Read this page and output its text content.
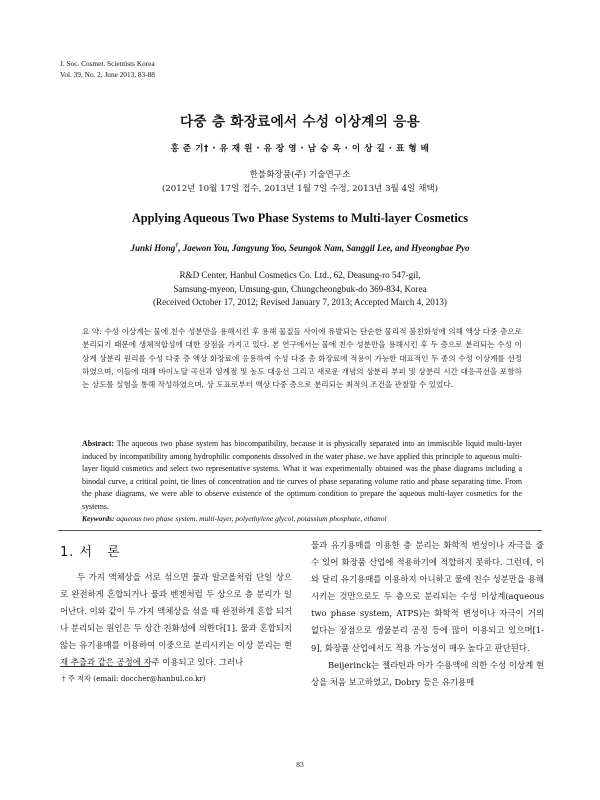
J. Soc. Cosmet. Scientists Korea
Vol. 39, No. 2, June 2013, 83-88
다중 층 화장료에서 수성 이상계의 응용
홍 준 기† · 유 재 원 · 유 장 영 · 남 승 옥 · 이 상 길 · 표 형 배
한불화장품(주) 기술연구소
(2012년 10월 17일 접수, 2013년 1월 7일 수정, 2013년 3월 4일 채택)
Applying Aqueous Two Phase Systems to Multi-layer Cosmetics
Junki Hong†, Jaewon You, Jangyung Yoo, Seungok Nam, Sanggil Lee, and Hyeongbae Pyo
R&D Center, Hanbul Cosmetics Co. Ltd., 62, Deasung-ro 547-gil,
Samsung-myeon, Umsung-gun, Chungcheongbuk-do 369-834, Korea
(Received October 17, 2012; Revised January 7, 2013; Accepted March 4, 2013)
요 약: 수성 이상계는 물에 친수 성분만을 용해시킨 후 용해 물질들 사이에 유발되는 단순한 물리적 불친화성에 의해 액상 다중 층으로 분리되기 때문에 생체적합성에 대한 장점을 가지고 있다. 본 연구에서는 물에 친수 성분만을 용해시킨 후 두 층으로 분리되는 수성 이상계 상분리 원리를 수성 다중 층 액상 화장료에 응용하여 수성 다중 층 화장료에 적용이 가능한 대표적인 두 종의 수성 이상계를 선정하였으며, 이들에 대해 바이노달 곡선과 임계점 및 농도 대응선 그리고 새로운 개념의 상분리 부피 및 상분리 시간 대응곡선을 포함하는 상도를 실험을 통해 작성하였으며, 상 도표로부터 액상 다중 층으로 분리되는 최적의 조건을 관찰할 수 있었다.
Abstract: The aqueous two phase system has biocompatibility, because it is physically separated into an immiscible liquid multi-layer induced by incompatibility among hydrophilic components dissolved in the water phase. we have applied this principle to aqueous multi-layer liquid cosmetics and select two representative systems. What it was experimentally obtained was the phase diagrams including a binodal curve, a critical point, tie lines of concentration and tie curves of phase separating volume ratio and phase separating time. From the phase diagrams, we were able to observe existence of the optimum condition to prepare the aqueous multi-layer cosmetics for the systems.
Keywords: aqueous two phase system, multi-layer, polyethylene glycol, potassium phosphate, ethanol
1. 서　론
두 가지 액체상을 서로 섞으면 물과 알코올처럼 단일 상으로 완전하게 혼합되거나 물과 벤젠처럼 두 상으로 층 분리가 일어난다. 이와 같이 두 가지 액체상을 섞을 때 완전하게 혼합 되거나 분리되는 원인은 두 상간 친화성에 의한다[1]. 물과 혼합되지 않는 유기용매를 이용하여 이중으로 분리시키는 이상 분리는 현재 추출과 같은 공정에 자주 이용되고 있다. 그러나

물과 유기용매를 이용한 층 분리는 화학적 변성이나 자극을 줄 수 있어 화장품 산업에 적용하기에 적합하지 못하다. 그런데, 이와 달리 유기용매를 이용하지 아니하고 물에 친수 성분만을 용해시키는 것만으로도 두 층으로 분리되는 수성 이상계(aqueous two phase system, ATPS)는 화학적 변성이나 자극이 거의 없다는 장점으로 생물분리 공정 등에 많이 이용되고 있으며[1-9], 화장품 산업에서도 적용 가능성이 매우 높다고 판단된다.

Beijerinck는 젤라틴과 아가 수용액에 의한 수성 이상계 현상을 처음 보고하였고, Dobry 등은 유기용매

† 주 저자 (email: doccher@hanbul.co.kr)
83
